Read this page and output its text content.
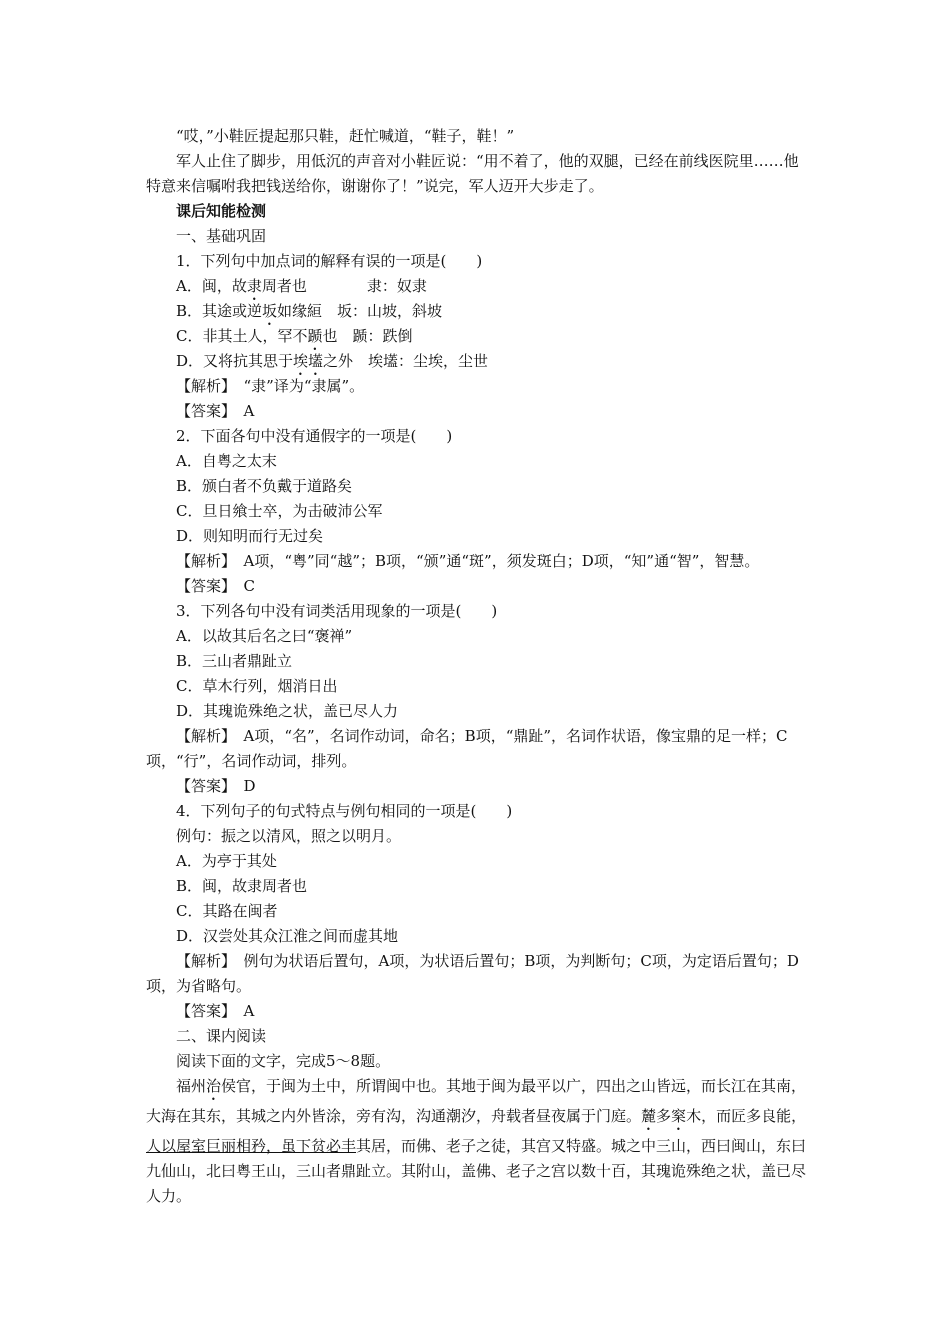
“哎，”小鞋匠提起那只鞋，赶忙喊道，“鞋子，鞋！”
军人止住了脚步，用低沉的声音对小鞋匠说：“用不着了，他的双腿，已经在前线医院里……他特意来信嘱咐我把钱送给你，谢谢你了！”说完，军人迈开大步走了。
课后知能检测
一、基础巩固
1．下列句中加点词的解释有误的一项是(　　)
A．闽，故隶周者也　　　　隶：奴隶
B．其途或逆坂如缘絙　坂：山坡，斜坡
C．非其土人，罕不踬也　踬：跌倒
D．又将抗其思于埃壒之外　埃壒：尘埃，尘世
【解析】　“隶”译为“隶属”。
【答案】　A
2．下面各句中没有通假字的一项是(　　)
A．自粤之太末
B．颁白者不负戴于道路矣
C．旦日飨士卒，为击破沛公军
D．则知明而行无过矣
【解析】　A项，“粤”同“越”；B项，“颁”通“斑”，须发斑白；D项，“知”通“智”，智慧。
【答案】　C
3．下列各句中没有词类活用现象的一项是(　　)
A．以故其后名之曰“褒禅”
B．三山者鼎趾立
C．草木行列，烟消日出
D．其瑰诡殊绝之状，盖已尽人力
【解析】　A项，“名”，名词作动词，命名；B项，“鼎趾”，名词作状语，像宝鼎的足一样；C项，“行”，名词作动词，排列。
【答案】　D
4．下列句子的句式特点与例句相同的一项是(　　)
例句：振之以清风，照之以明月。
A．为亭于其处
B．闽，故隶周者也
C．其路在闽者
D．汉尝处其众江淮之间而虚其地
【解析】　例句为状语后置句，A项，为状语后置句；B项，为判断句；C项，为定语后置句；D项，为省略句。
【答案】　A
二、课内阅读
阅读下面的文字，完成5～8题。
福州治侯官，于闽为土中，所谓闽中也。其地于闽为最平以广，四出之山皆远，而长江在其南，大海在其东，其城之内外皆涂，旁有沟，沟通潮汐，舟载者昼夜属于门庭。麓多梥木，而匠多良能，人以屋室巨丽相矜，虽下贫必丰其居，而佛、老子之徒，其宫又特盛。城之中三山，西曰闽山，东曰九仙山，北曰粤王山，三山者鼎趾立。其附山，盖佛、老子之宫以数十百，其瑰诡殊绝之状，盖已尽人力。
